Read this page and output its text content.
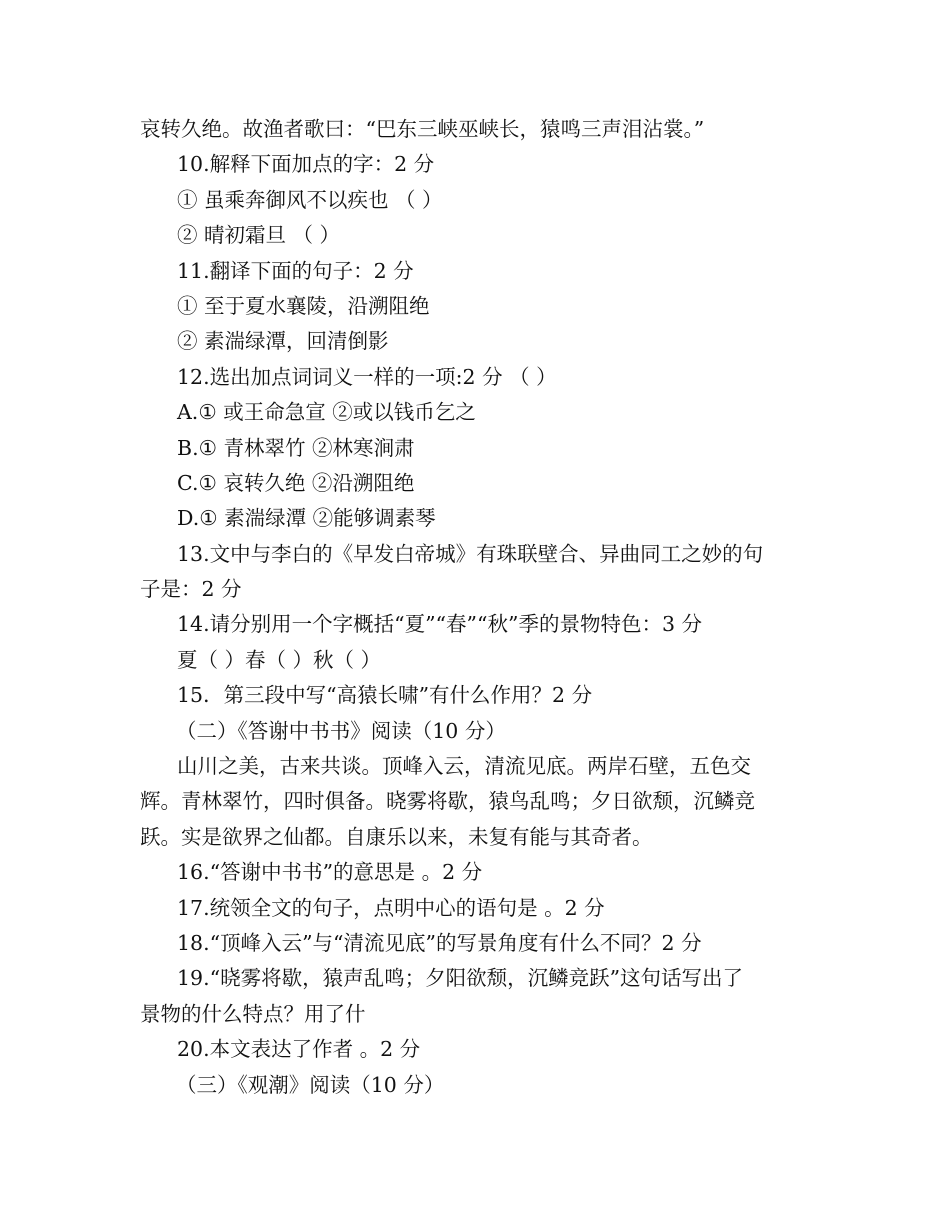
哀转久绝。故渔者歌曰：“巴东三峡巫峡长，猿鸣三声泪沾裳。”
10.解释下面加点的字：2 分
① 虽乘奔御风不以疾也 （ ）
② 晴初霜旦 （ ）
11.翻译下面的句子：2 分
① 至于夏水襄陵，沿溯阻绝
② 素湍绿潭，回清倒影
12.选出加点词词义一样的一项:2 分 （ ）
A.① 或王命急宣 ②或以钱币乞之
B.① 青林翠竹 ②林寒涧肃
C.① 哀转久绝 ②沿溯阻绝
D.① 素湍绿潭 ②能够调素琴
13.文中与李白的《早发白帝城》有珠联壁合、异曲同工之妙的句
子是：2 分
14.请分别用一个字概括“夏”“春”“秋”季的景物特色：3 分
夏（ ）春（ ）秋（ ）
15．第三段中写“高猿长啸”有什么作用？2 分
（二）《答谢中书书》阅读（10 分）
山川之美，古来共谈。顶峰入云，清流见底。两岸石壁，五色交
辉。青林翠竹，四时俱备。晓雾将歇，猿鸟乱鸣；夕日欲颓，沉鳞竞
跃。实是欲界之仙都。自康乐以来，未复有能与其奇者。
16.“答谢中书书”的意思是 。2 分
17.统领全文的句子，点明中心的语句是 。2 分
18.“顶峰入云”与“清流见底”的写景角度有什么不同？2 分
19.“晓雾将歇，猿声乱鸣；夕阳欲颓，沉鳞竞跃”这句话写出了
景物的什么特点？用了什
20.本文表达了作者 。2 分
（三）《观潮》阅读（10 分）
